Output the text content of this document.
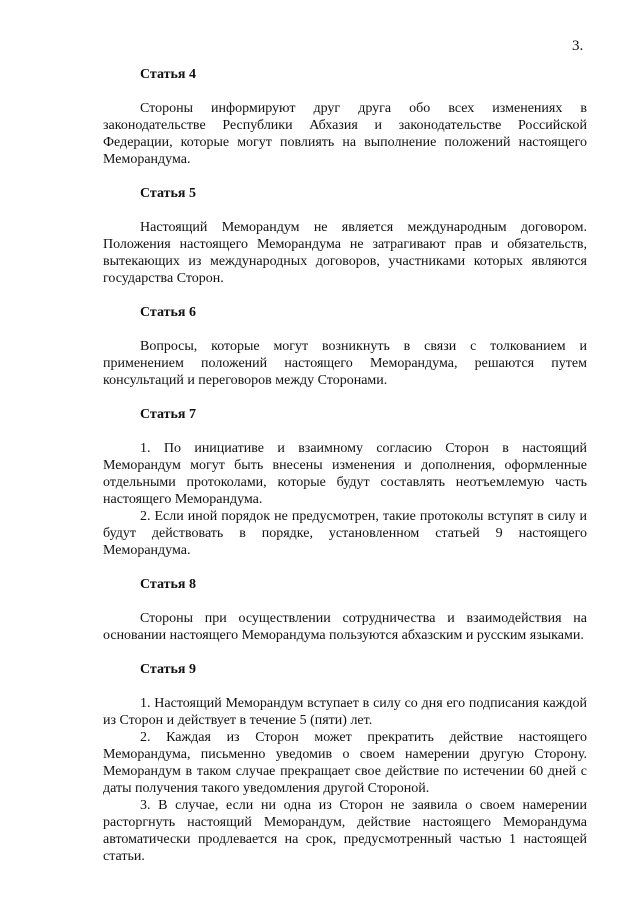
3.
Статья 4

Стороны информируют друг друга обо всех изменениях в законодательстве Республики Абхазия и законодательстве Российской Федерации, которые могут повлиять на выполнение положений настоящего Меморандума.

Статья 5

Настоящий Меморандум не является международным договором. Положения настоящего Меморандума не затрагивают прав и обязательств, вытекающих из международных договоров, участниками которых являются государства Сторон.

Статья 6

Вопросы, которые могут возникнуть в связи с толкованием и применением положений настоящего Меморандума, решаются путем консультаций и переговоров между Сторонами.

Статья 7

1. По инициативе и взаимному согласию Сторон в настоящий Меморандум могут быть внесены изменения и дополнения, оформленные отдельными протоколами, которые будут составлять неотъемлемую часть настоящего Меморандума.

2. Если иной порядок не предусмотрен, такие протоколы вступят в силу и будут действовать в порядке, установленном статьей 9 настоящего Меморандума.

Статья 8

Стороны при осуществлении сотрудничества и взаимодействия на основании настоящего Меморандума пользуются абхазским и русским языками.

Статья 9

1. Настоящий Меморандум вступает в силу со дня его подписания каждой из Сторон и действует в течение 5 (пяти) лет.

2. Каждая из Сторон может прекратить действие настоящего Меморандума, письменно уведомив о своем намерении другую Сторону. Меморандум в таком случае прекращает свое действие по истечении 60 дней с даты получения такого уведомления другой Стороной.

3. В случае, если ни одна из Сторон не заявила о своем намерении расторгнуть настоящий Меморандум, действие настоящего Меморандума автоматически продлевается на срок, предусмотренный частью 1 настоящей статьи.
